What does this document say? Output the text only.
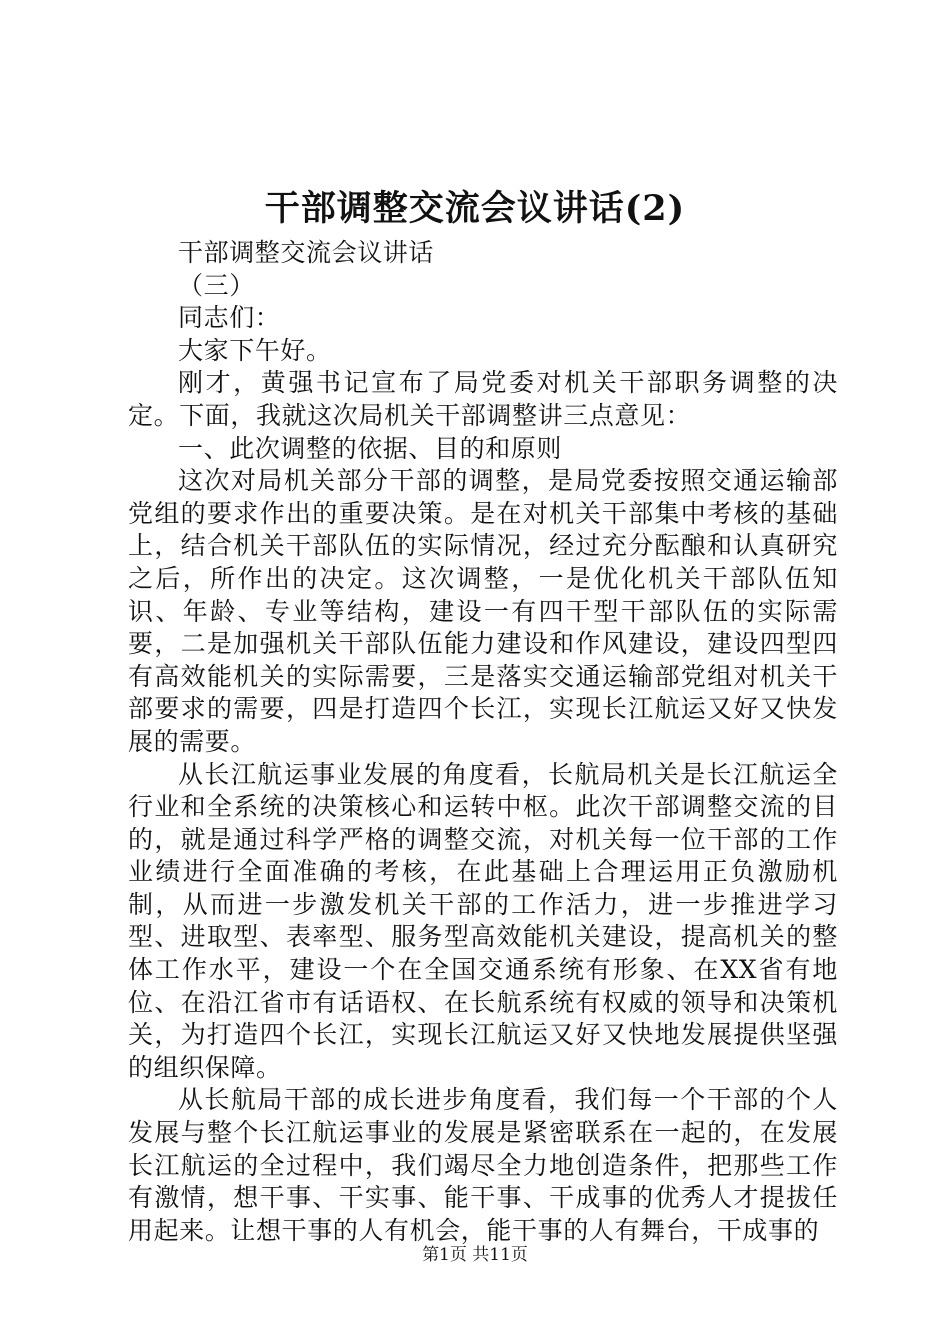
干部调整交流会议讲话(2)

干部调整交流会议讲话

（三）

同志们：

大家下午好。

刚才，黄强书记宣布了局党委对机关干部职务调整的决定。下面，我就这次局机关干部调整讲三点意见：

一、此次调整的依据、目的和原则

这次对局机关部分干部的调整，是局党委按照交通运输部党组的要求作出的重要决策。是在对机关干部集中考核的基础上，结合机关干部队伍的实际情况，经过充分酝酿和认真研究之后，所作出的决定。这次调整，一是优化机关干部队伍知识、年龄、专业等结构，建设一有四干型干部队伍的实际需要，二是加强机关干部队伍能力建设和作风建设，建设四型四有高效能机关的实际需要，三是落实交通运输部党组对机关干部要求的需要，四是打造四个长江，实现长江航运又好又快发展的需要。

从长江航运事业发展的角度看，长航局机关是长江航运全行业和全系统的决策核心和运转中枢。此次干部调整交流的目的，就是通过科学严格的调整交流，对机关每一位干部的工作业绩进行全面准确的考核，在此基础上合理运用正负激励机制，从而进一步激发机关干部的工作活力，进一步推进学习型、进取型、表率型、服务型高效能机关建设，提高机关的整体工作水平，建设一个在全国交通系统有形象、在XX省有地位、在沿江省市有话语权、在长航系统有权威的领导和决策机关，为打造四个长江，实现长江航运又好又快地发展提供坚强的组织保障。

从长航局干部的成长进步角度看，我们每一个干部的个人发展与整个长江航运事业的发展是紧密联系在一起的，在发展长江航运的全过程中，我们竭尽全力地创造条件，把那些工作有激情，想干事、干实事、能干事、干成事的优秀人才提拔任用起来。让想干事的人有机会，能干事的人有舞台，干成事的

第1页 共11页
